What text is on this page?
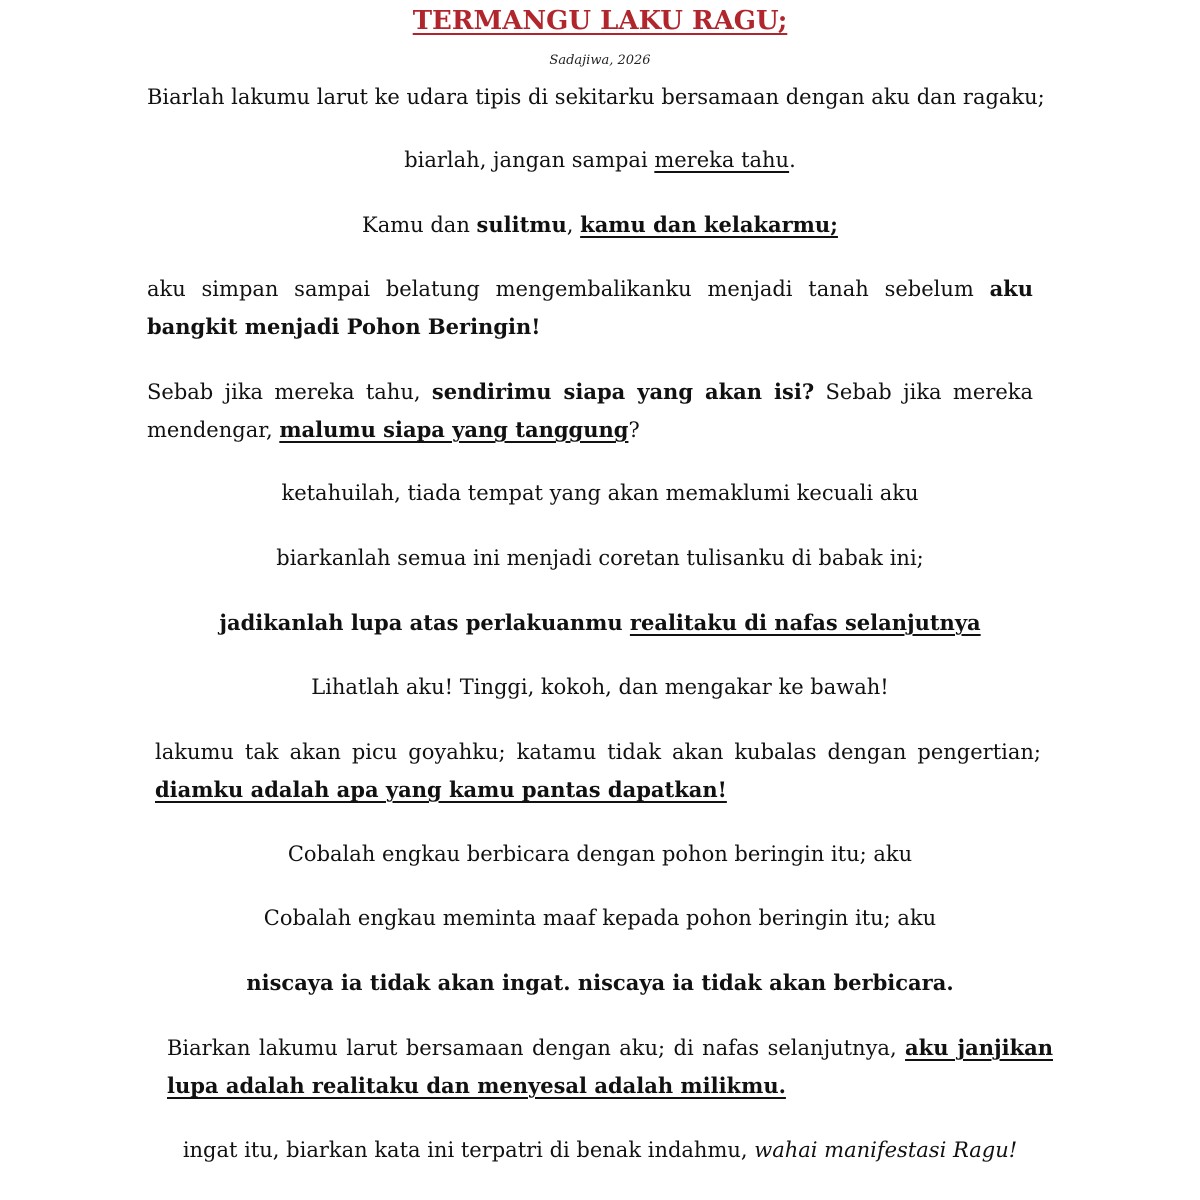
TERMANGU LAKU RAGU;

Sadajiwa, 2026

Biarlah lakumu larut ke udara tipis di sekitarku bersamaan dengan aku dan ragaku;

biarlah, jangan sampai mereka tahu.

Kamu dan sulitmu, kamu dan kelakarmu;

aku simpan sampai belatung mengembalikanku menjadi tanah sebelum aku bangkit menjadi Pohon Beringin!

Sebab jika mereka tahu, sendirimu siapa yang akan isi? Sebab jika mereka mendengar, malumu siapa yang tanggung?

ketahuilah, tiada tempat yang akan memaklumi kecuali aku

biarkanlah semua ini menjadi coretan tulisanku di babak ini;

jadikanlah lupa atas perlakuanmu realitaku di nafas selanjutnya

Lihatlah aku! Tinggi, kokoh, dan mengakar ke bawah!

lakumu tak akan picu goyahku; katamu tidak akan kubalas dengan pengertian; diamku adalah apa yang kamu pantas dapatkan!

Cobalah engkau berbicara dengan pohon beringin itu; aku

Cobalah engkau meminta maaf kepada pohon beringin itu; aku

niscaya ia tidak akan ingat. niscaya ia tidak akan berbicara.

Biarkan lakumu larut bersamaan dengan aku; di nafas selanjutnya, aku janjikan lupa adalah realitaku dan menyesal adalah milikmu.

ingat itu, biarkan kata ini terpatri di benak indahmu, wahai manifestasi Ragu!
